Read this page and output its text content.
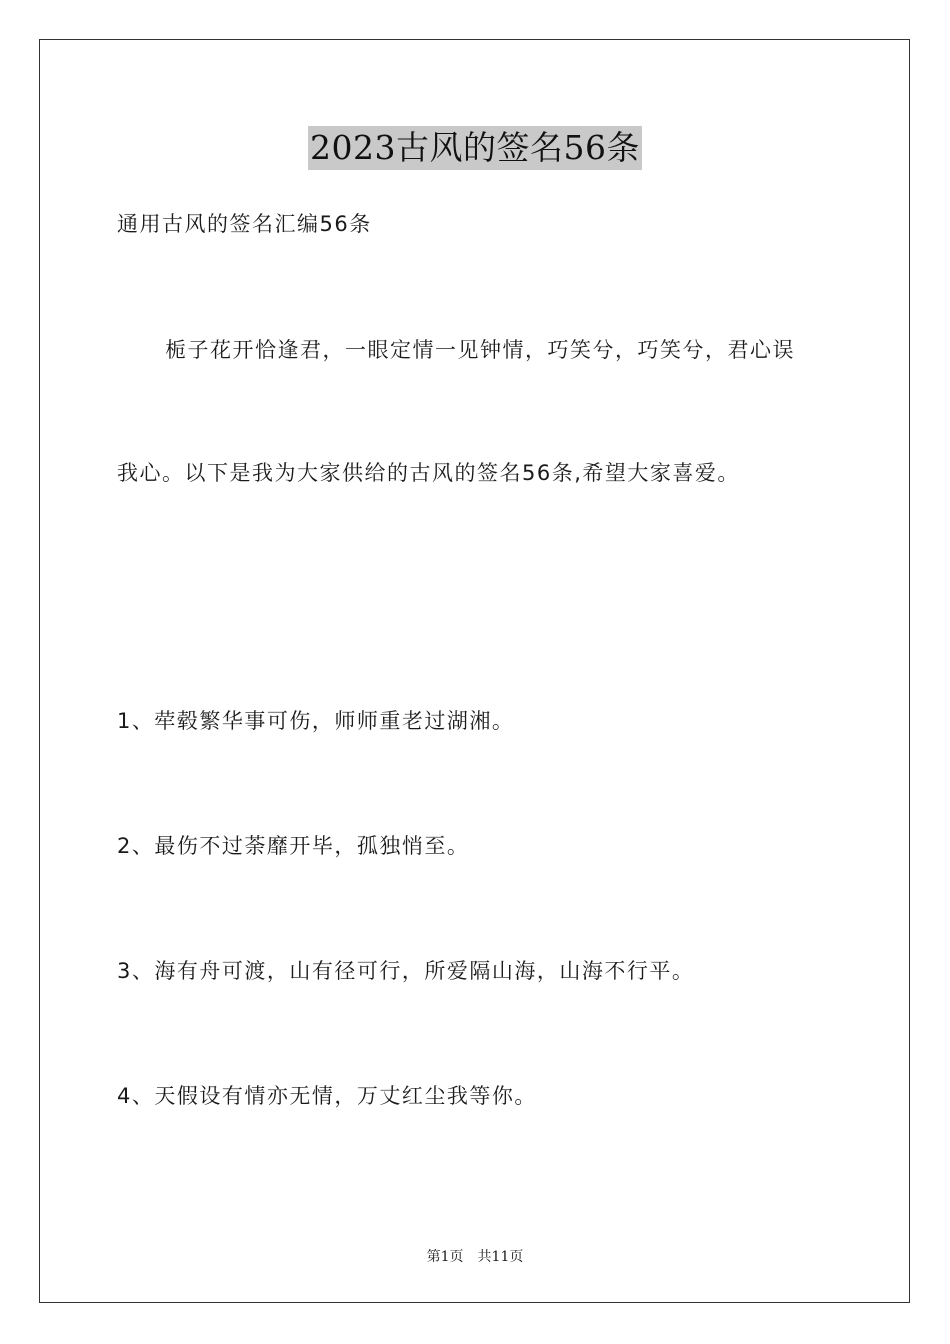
2023古风的签名56条
通用古风的签名汇编56条
栀子花开恰逢君，一眼定情一见钟情，巧笑兮，巧笑兮，君心误
我心。以下是我为大家供给的古风的签名56条,希望大家喜爱。
1、荦毂繁华事可伤，师师重老过湖湘。
2、最伤不过荼靡开毕，孤独悄至。
3、海有舟可渡，山有径可行，所爱隔山海，山海不行平。
4、天假设有情亦无情，万丈红尘我等你。
第1页 共11页
